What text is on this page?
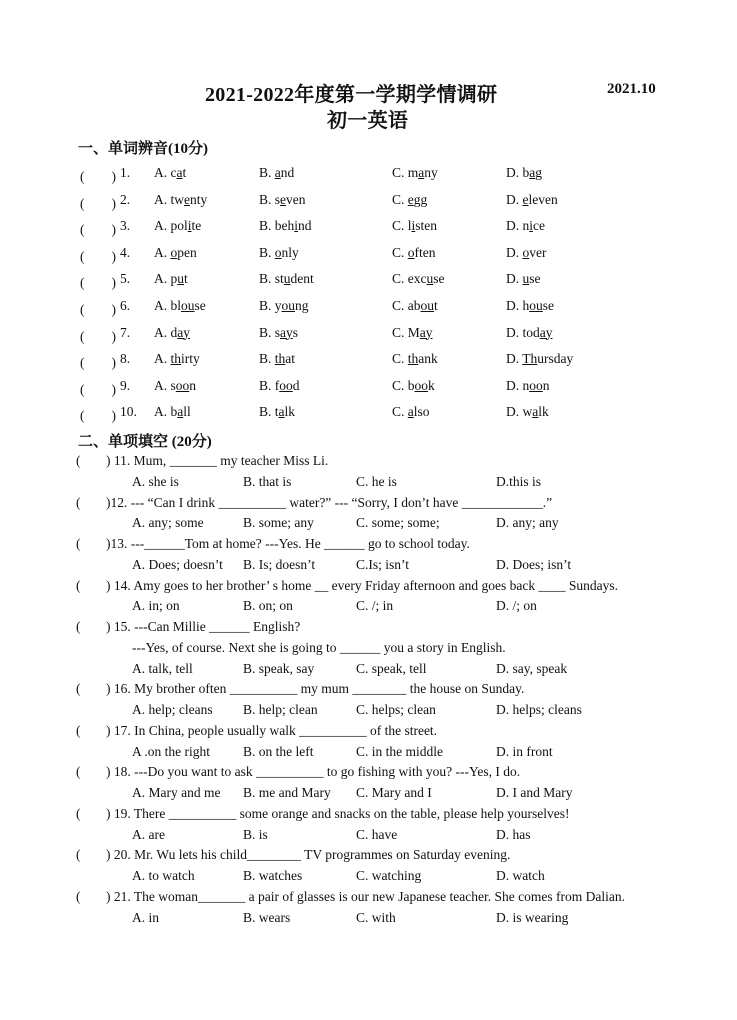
2021-2022年度第一学期学情调研	2021.10
初一英语
一、单词辨音(10分)
(　　) 1. A. cat	B. and	C. many	D. bag
(　　) 2. A. twenty	B. seven	C. egg	D. eleven
(　　) 3. A. polite	B. behind	C. listen	D. nice
(　　) 4. A. open	B. only	C. often	D. over
(　　) 5. A. put	B. student	C. excuse	D. use
(　　) 6. A. blouse	B. young	C. about	D. house
(　　) 7. A. day	B. says	C. May	D. today
(　　) 8. A. thirty	B. that	C. thank	D. Thursday
(　　) 9. A. soon	B. food	C. book	D. noon
(　　) 10. A. ball	B. talk	C. also	D. walk
二、单项填空 (20分)
( ) 11. Mum, _______ my teacher Miss Li.
A. she is	B. that is	C. he is	D.this is
( )12. --- “Can I drink __________ water?” --- “Sorry, I don’t have ____________.”
A. any; some	B. some; any	C. some; some;	D. any; any
( )13. ---______Tom at home? ---Yes. He ______ go to school today.
A. Does; doesn’t B. Is; doesn’t	C.Is; isn’t	D. Does; isn’t
( ) 14. Amy goes to her brother’ s home __ every Friday afternoon and goes back ____ Sundays.
A. in; on	B. on; on	C. /; in	D. /; on
( ) 15. ---Can Millie ______ English?
---Yes, of course. Next she is going to ______ you a story in English.
A. talk, tell	B. speak, say	C. speak, tell	D. say, speak
( ) 16. My brother often __________ my mum ________ the house on Sunday.
A. help; cleans B. help; clean	C. helps; clean	D. helps; cleans
( ) 17. In China, people usually walk __________ of the street.
A .on the right B. on the left	C. in the middle	D. in front
( ) 18. ---Do you want to ask __________ to go fishing with you? ---Yes, I do.
A. Mary and me B. me and Mary C. Mary and I	D. I and Mary
( ) 19. There __________ some orange and snacks on the table, please help yourselves!
A. are	B. is	C. have	D. has
( ) 20. Mr. Wu lets his child________ TV programmes on Saturday evening.
A. to watch	B. watches	C. watching	D. watch
( ) 21. The woman_______ a pair of glasses is our new Japanese teacher. She comes from Dalian.
A. in	B. wears	C. with	D. is wearing
